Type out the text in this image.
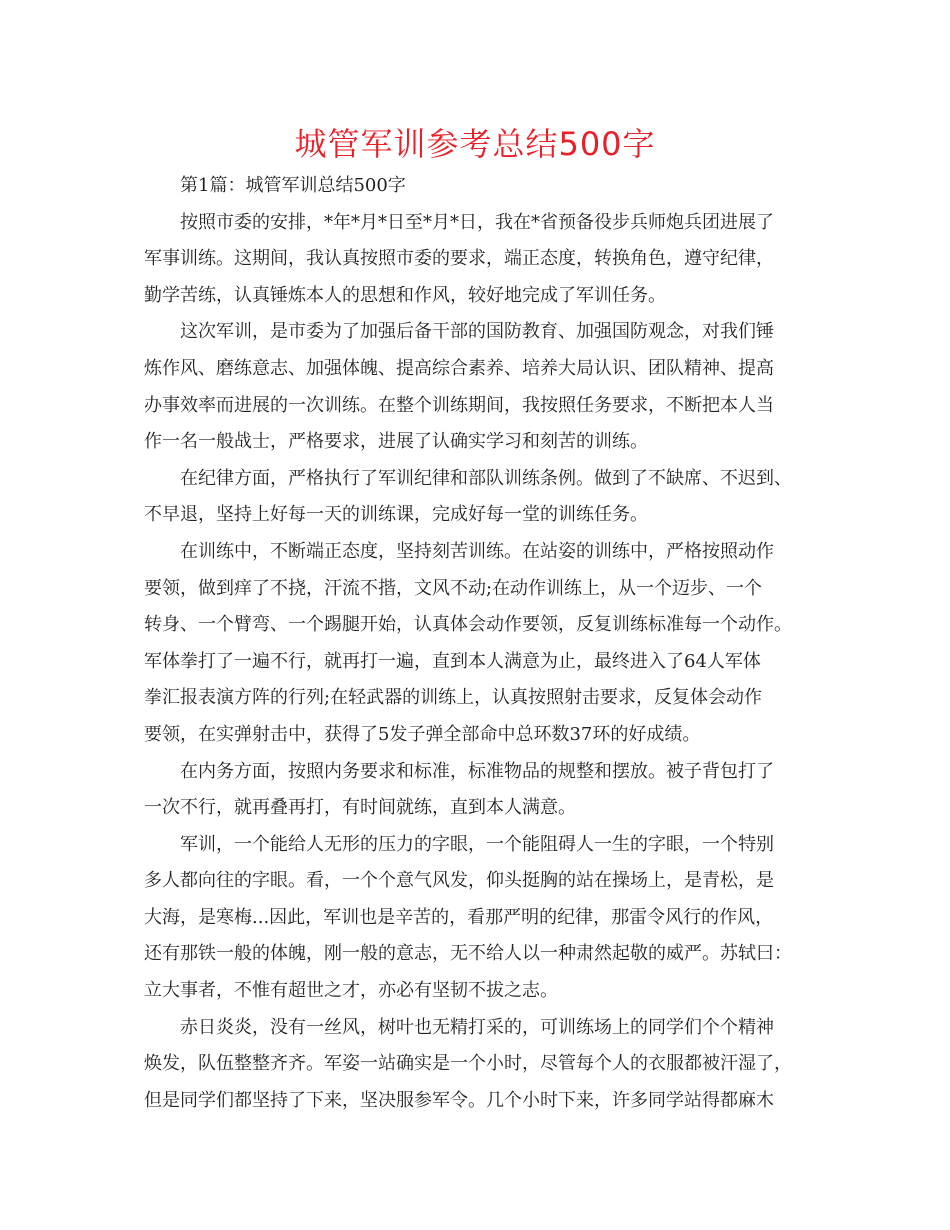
城管军训参考总结500字
第1篇：城管军训总结500字
按照市委的安排，*年*月*日至*月*日，我在*省预备役步兵师炮兵团进展了
军事训练。这期间，我认真按照市委的要求，端正态度，转换角色，遵守纪律，
勤学苦练，认真锤炼本人的思想和作风，较好地完成了军训任务。
这次军训，是市委为了加强后备干部的国防教育、加强国防观念，对我们锤
炼作风、磨练意志、加强体魄、提高综合素养、培养大局认识、团队精神、提高
办事效率而进展的一次训练。在整个训练期间，我按照任务要求，不断把本人当
作一名一般战士，严格要求，进展了认确实学习和刻苦的训练。
在纪律方面，严格执行了军训纪律和部队训练条例。做到了不缺席、不迟到、
不早退，坚持上好每一天的训练课，完成好每一堂的训练任务。
在训练中，不断端正态度，坚持刻苦训练。在站姿的训练中，严格按照动作
要领，做到痒了不挠，汗流不揩，文风不动;在动作训练上，从一个迈步、一个
转身、一个臂弯、一个踢腿开始，认真体会动作要领，反复训练标准每一个动作。
军体拳打了一遍不行，就再打一遍，直到本人满意为止，最终进入了64人军体
拳汇报表演方阵的行列;在轻武器的训练上，认真按照射击要求，反复体会动作
要领，在实弹射击中，获得了5发子弹全部命中总环数37环的好成绩。
在内务方面，按照内务要求和标准，标准物品的规整和摆放。被子背包打了
一次不行，就再叠再打，有时间就练，直到本人满意。
军训，一个能给人无形的压力的字眼，一个能阻碍人一生的字眼，一个特别
多人都向往的字眼。看，一个个意气风发，仰头挺胸的站在操场上，是青松，是
大海，是寒梅...因此，军训也是辛苦的，看那严明的纪律，那雷令风行的作风，
还有那铁一般的体魄，刚一般的意志，无不给人以一种肃然起敬的威严。苏轼曰：
立大事者，不惟有超世之才，亦必有坚韧不拔之志。
赤日炎炎，没有一丝风，树叶也无精打采的，可训练场上的同学们个个精神
焕发，队伍整整齐齐。军姿一站确实是一个小时，尽管每个人的衣服都被汗湿了，
但是同学们都坚持了下来，坚决服参军令。几个小时下来，许多同学站得都麻木
